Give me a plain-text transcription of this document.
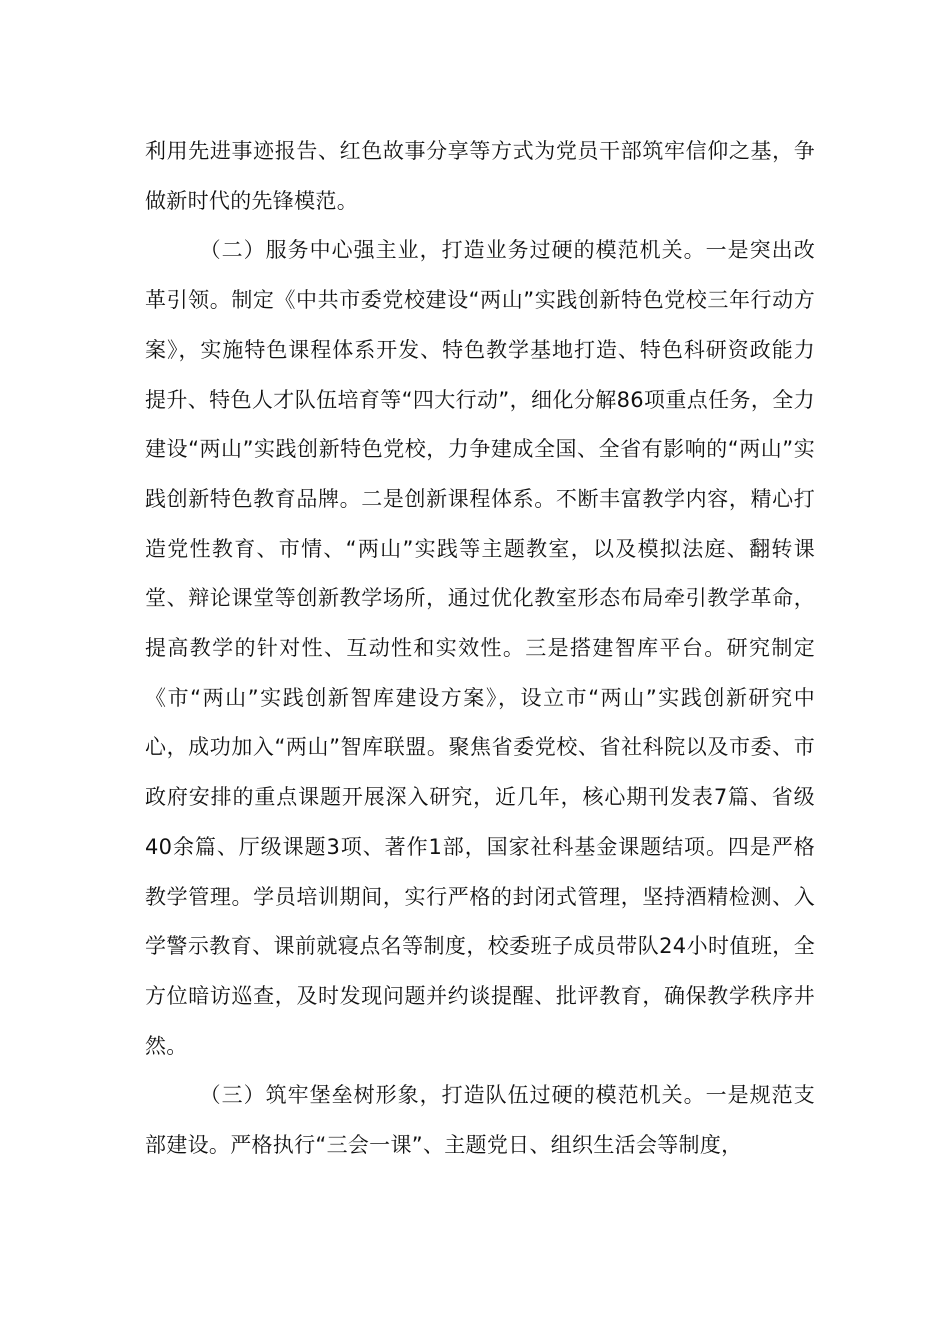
利用先进事迹报告、红色故事分享等方式为党员干部筑牢信仰之基，争做新时代的先锋模范。

（二）服务中心强主业，打造业务过硬的模范机关。一是突出改革引领。制定《中共市委党校建设“两山”实践创新特色党校三年行动方案》，实施特色课程体系开发、特色教学基地打造、特色科研资政能力提升、特色人才队伍培育等“四大行动”，细化分解86项重点任务，全力建设“两山”实践创新特色党校，力争建成全国、全省有影响的“两山”实践创新特色教育品牌。二是创新课程体系。不断丰富教学内容，精心打造党性教育、市情、“两山”实践等主题教室，以及模拟法庭、翻转课堂、辩论课堂等创新教学场所，通过优化教室形态布局牵引教学革命，提高教学的针对性、互动性和实效性。三是搭建智库平台。研究制定《市“两山”实践创新智库建设方案》，设立市“两山”实践创新研究中心，成功加入“两山”智库联盟。聚焦省委党校、省社科院以及市委、市政府安排的重点课题开展深入研究，近几年，核心期刊发表7篇、省级40余篇、厅级课题3项、著作1部，国家社科基金课题结项。四是严格教学管理。学员培训期间，实行严格的封闭式管理，坚持酒精检测、入学警示教育、课前就寝点名等制度，校委班子成员带队24小时值班，全方位暗访巡查，及时发现问题并约谈提醒、批评教育，确保教学秩序井然。

（三）筑牢堡垒树形象，打造队伍过硬的模范机关。一是规范支部建设。严格执行“三会一课”、主题党日、组织生活会等制度，
